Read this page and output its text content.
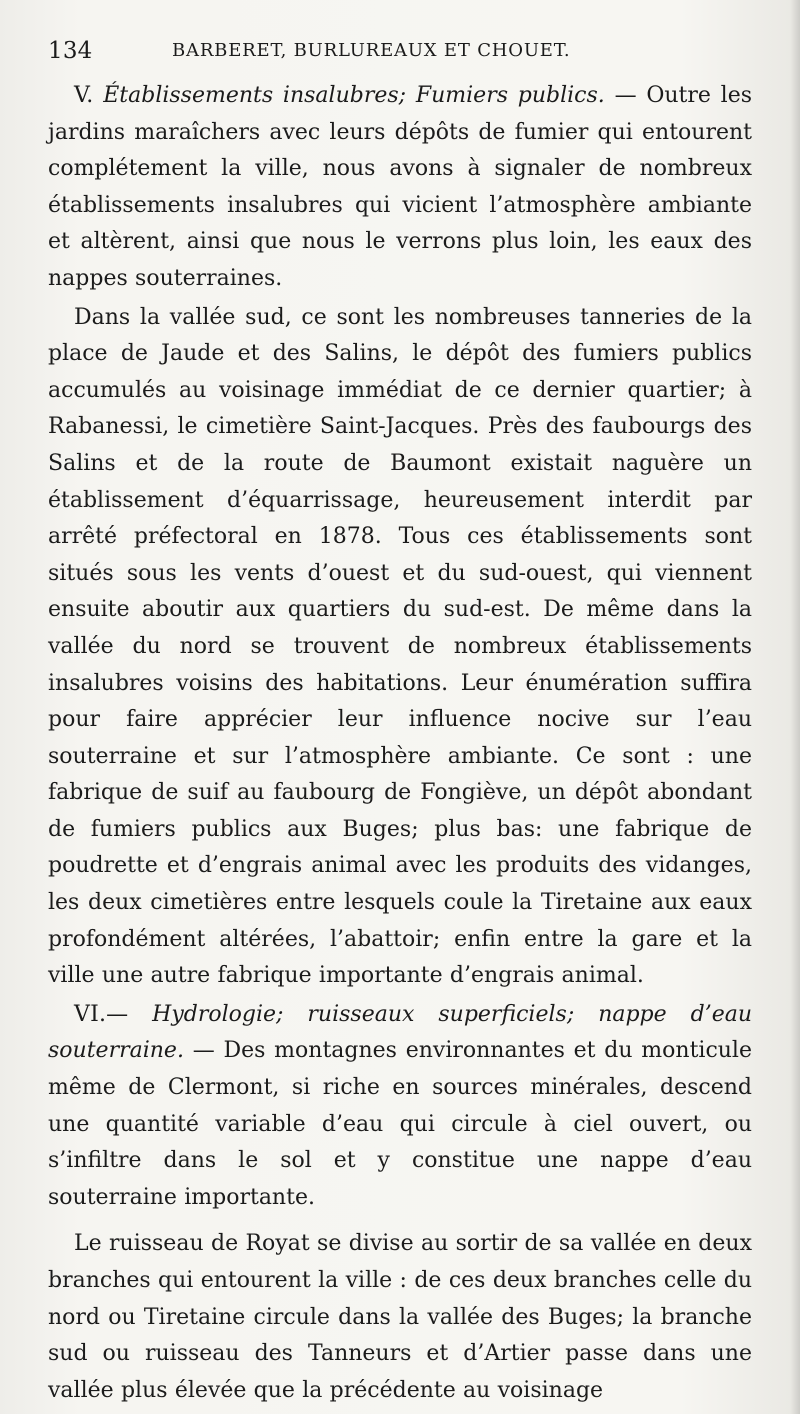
134	BARBERET, BURLUREAUX ET CHOUET.

V. Établissements insalubres; Fumiers publics. — Outre les jardins maraîchers avec leurs dépôts de fumier qui entourent complétement la ville, nous avons à signaler de nombreux établissements insalubres qui vicient l’atmosphère ambiante et altèrent, ainsi que nous le verrons plus loin, les eaux des nappes souterraines.

Dans la vallée sud, ce sont les nombreuses tanneries de la place de Jaude et des Salins, le dépôt des fumiers publics accumulés au voisinage immédiat de ce dernier quartier; à Rabanessi, le cimetière Saint-Jacques. Près des faubourgs des Salins et de la route de Baumont existait naguère un établissement d’équarrissage, heureusement interdit par arrêté préfectoral en 1878. Tous ces établissements sont situés sous les vents d’ouest et du sud-ouest, qui viennent ensuite aboutir aux quartiers du sud-est. De même dans la vallée du nord se trouvent de nombreux établissements insalubres voisins des habitations. Leur énumération suffira pour faire apprécier leur influence nocive sur l’eau souterraine et sur l’atmosphère ambiante. Ce sont : une fabrique de suif au faubourg de Fongiève, un dépôt abondant de fumiers publics aux Buges; plus bas: une fabrique de poudrette et d’engrais animal avec les produits des vidanges, les deux cimetières entre lesquels coule la Tiretaine aux eaux profondément altérées, l’abattoir; enfin entre la gare et la ville une autre fabrique importante d’engrais animal.

VI.— Hydrologie; ruisseaux superficiels; nappe d’eau souterraine. — Des montagnes environnantes et du monticule même de Clermont, si riche en sources minérales, descend une quantité variable d’eau qui circule à ciel ouvert, ou s’infiltre dans le sol et y constitue une nappe d’eau souterraine importante.

Le ruisseau de Royat se divise au sortir de sa vallée en deux branches qui entourent la ville : de ces deux branches celle du nord ou Tiretaine circule dans la vallée des Buges; la branche sud ou ruisseau des Tanneurs et d’Artier passe dans une vallée plus élevée que la précédente au voisinage
